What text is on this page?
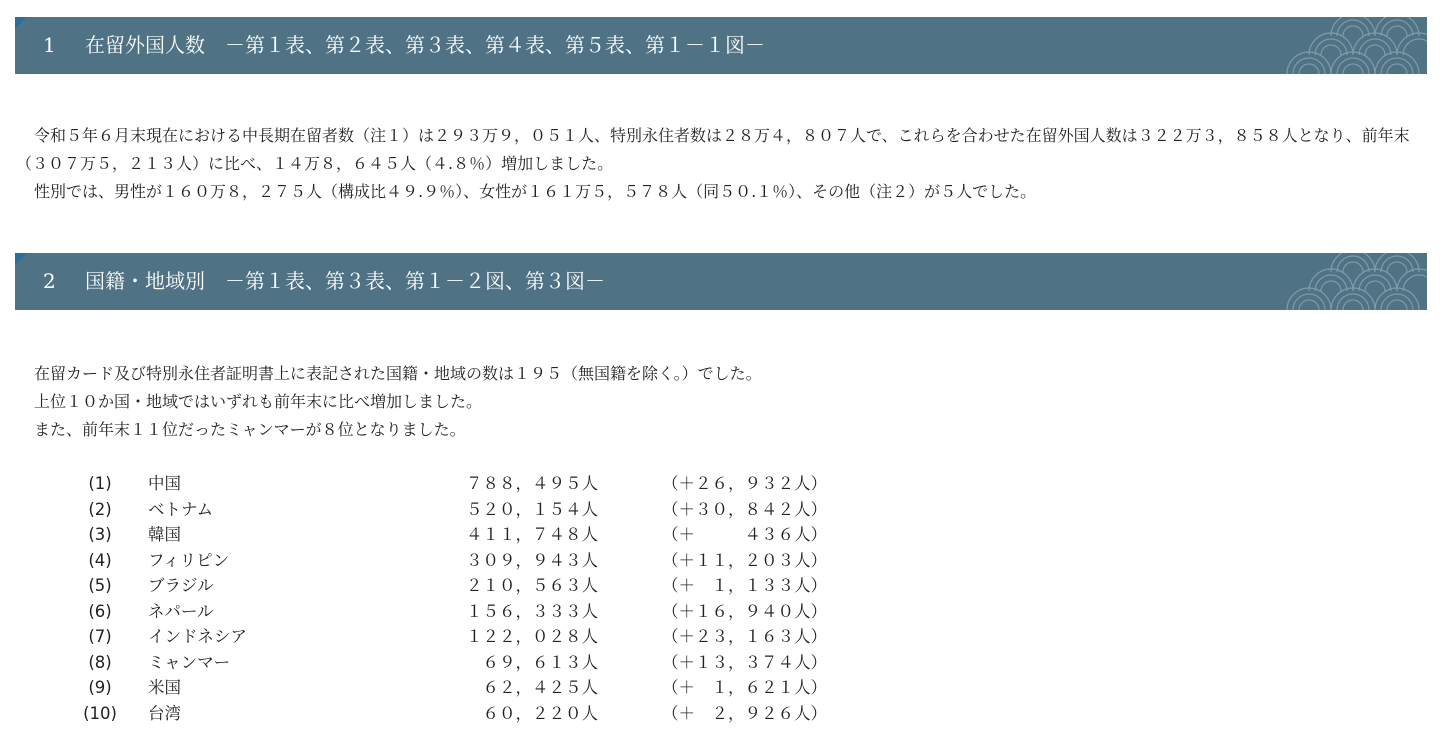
1 在留外国人数　－第１表、第２表、第３表、第４表、第５表、第１－１図－

令和５年６月末現在における中長期在留者数（注１）は２９３万９，０５１人、特別永住者数は２８万４，８０７人で、これらを合わせた在留外国人数は３２２万３，８５８人となり、前年末（３０７万５，２１３人）に比べ、１４万８，６４５人（４.８％）増加しました。

性別では、男性が１６０万８，２７５人（構成比４９.９％）、女性が１６１万５，５７８人（同５０.１％）、その他（注２）が５人でした。

2 国籍・地域別　－第１表、第３表、第１－２図、第３図－

在留カード及び特別永住者証明書上に表記された国籍・地域の数は１９５（無国籍を除く。）でした。

上位１０か国・地域ではいずれも前年末に比べ増加しました。

また、前年末１１位だったミャンマーが８位となりました。

(1)	中国	７８８，４９５人	（＋２６，９３２人）
(2)	ベトナム	５２０，１５４人	（＋３０，８４２人）
(3)	韓国	４１１，７４８人	（＋　　　４３６人）
(4)	フィリピン	３０９，９４３人	（＋１１，２０３人）
(5)	ブラジル	２１０，５６３人	（＋　１，１３３人）
(6)	ネパール	１５６，３３３人	（＋１６，９４０人）
(7)	インドネシア	１２２，０２８人	（＋２３，１６３人）
(8)	ミャンマー	６９，６１３人	（＋１３，３７４人）
(9)	米国	６２，４２５人	（＋　１，６２１人）
(10) 台湾	６０，２２０人	（＋　２，９２６人）
